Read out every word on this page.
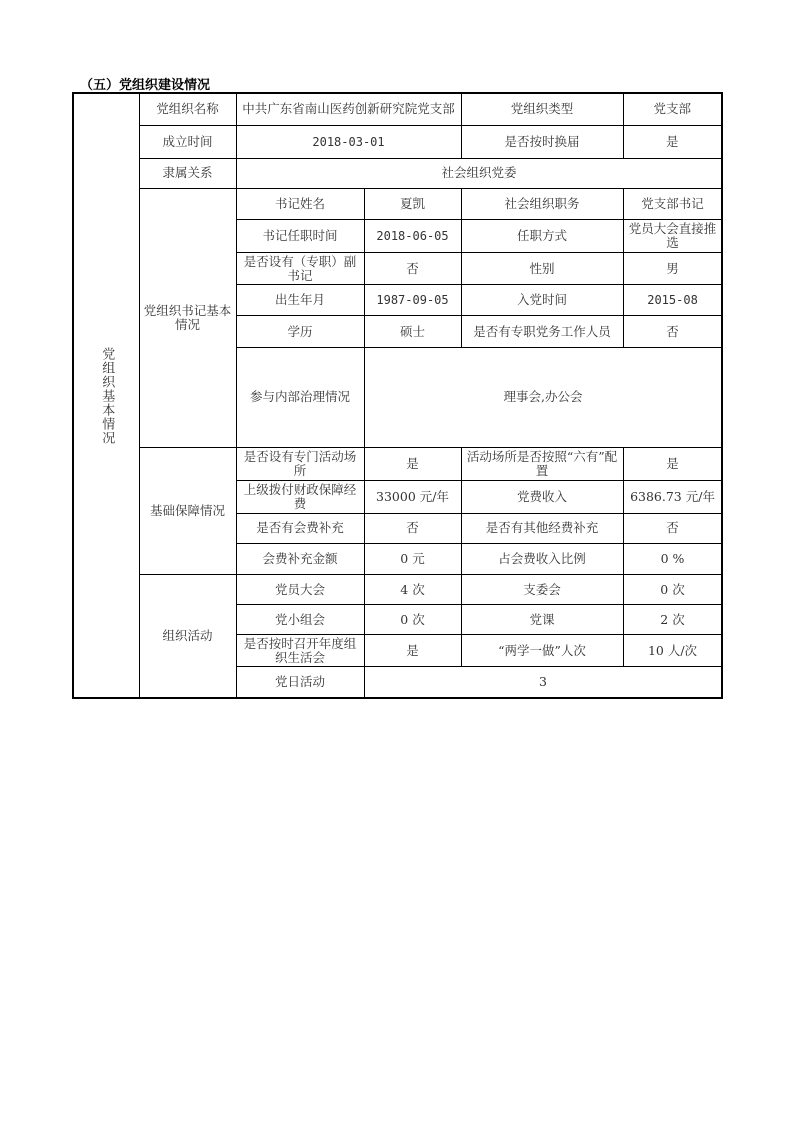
（五）党组织建设情况
党组织基本情况	党组织名称	中共广东省南山医药创新研究院党支部		党组织类型	党支部
	成立时间	2018-03-01		是否按时换届	是
	隶属关系	社会组织党委			
	党组织书记基本情况	书记姓名	夏凯	社会组织职务	党支部书记
		书记任职时间	2018-06-05	任职方式	党员大会直接推选
		是否设有（专职）副书记	否	性别	男
		出生年月	1987-09-05	入党时间	2015-08
		学历	硕士	是否有专职党务工作人员	否
		参与内部治理情况	理事会,办公会		
	基础保障情况	是否设有专门活动场所	是	活动场所是否按照“六有”配置	是
		上级拨付财政保障经费	33000 元/年	党费收入	6386.73 元/年
		是否有会费补充	否	是否有其他经费补充	否
		会费补充金额	0 元	占会费收入比例	0 %
	组织活动	党员大会	4 次	支委会	0 次
		党小组会	0 次	党课	2 次
		是否按时召开年度组织生活会	是	“两学一做”人次	10 人/次
		党日活动	3		
